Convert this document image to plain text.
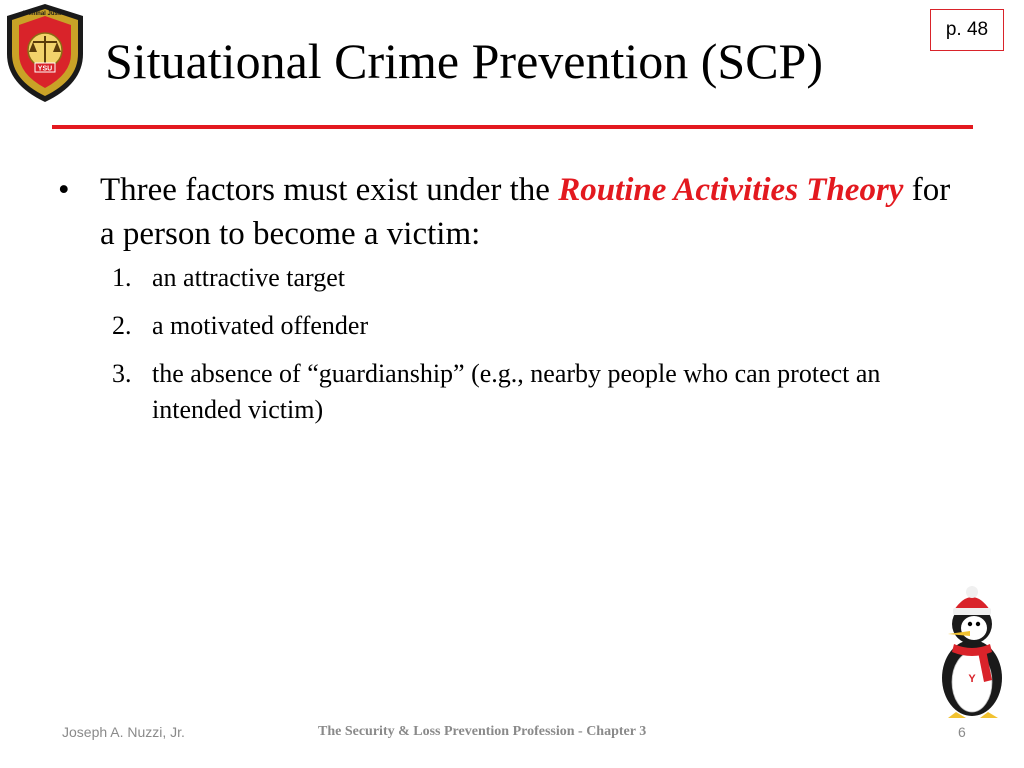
YSU
Criminal Justice
p. 48
Situational Crime Prevention (SCP)
• Three factors must exist under the Routine Activities Theory for a person to become a victim:
1. an attractive target
2. a motivated offender
3. the absence of “guardianship” (e.g., nearby people who can protect an intended victim)
Y
Joseph A. Nuzzi, Jr.	The Security & Loss Prevention Profession - Chapter 3	6
